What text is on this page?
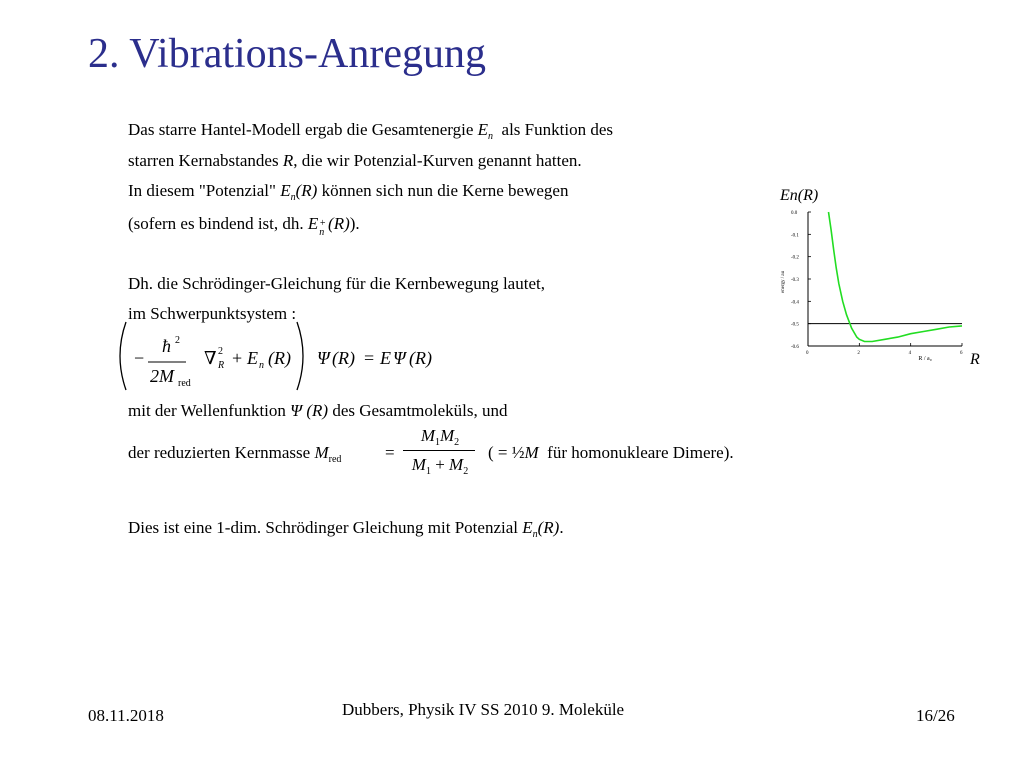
2. Vibrations-Anregung
Das starre Hantel-Modell ergab die Gesamtenergie $E_n$ als Funktion des
starren Kernabstandes R, die wir Potenzial-Kurven genannt hatten.
In diesem "Potenzial" $E_n(R)$ können sich nun die Kerne bewegen
(sofern es bindend ist, dh. E+
n (R)).
Dh. die Schrödinger-Gleichung für die Kernbewegung lautet,
im Schwerpunktsystem :
−
ħ 2
2M red
∇ 2
R + E n (R) Ψ (R) = E Ψ (R)
mit der Wellenfunktion Ψ (R) des Gesamtmoleküls, und
der reduzierten Kernmasse $M_{red}$	=
$M_1M_2$
$M_1 + M_2$
( = ½M für homonukleare Dimere).
Dies ist eine 1-dim. Schrödinger Gleichung mit Potenzial $E_n(R)$.
En(R)
R
0.0
-0.1
-0.2
-0.3
-0.4
-0.5
-0.6
0	2	4	6
energy / au
R / a₀
08.11.2018	Dubbers, Physik IV SS 2010 9. Moleküle	16/26
